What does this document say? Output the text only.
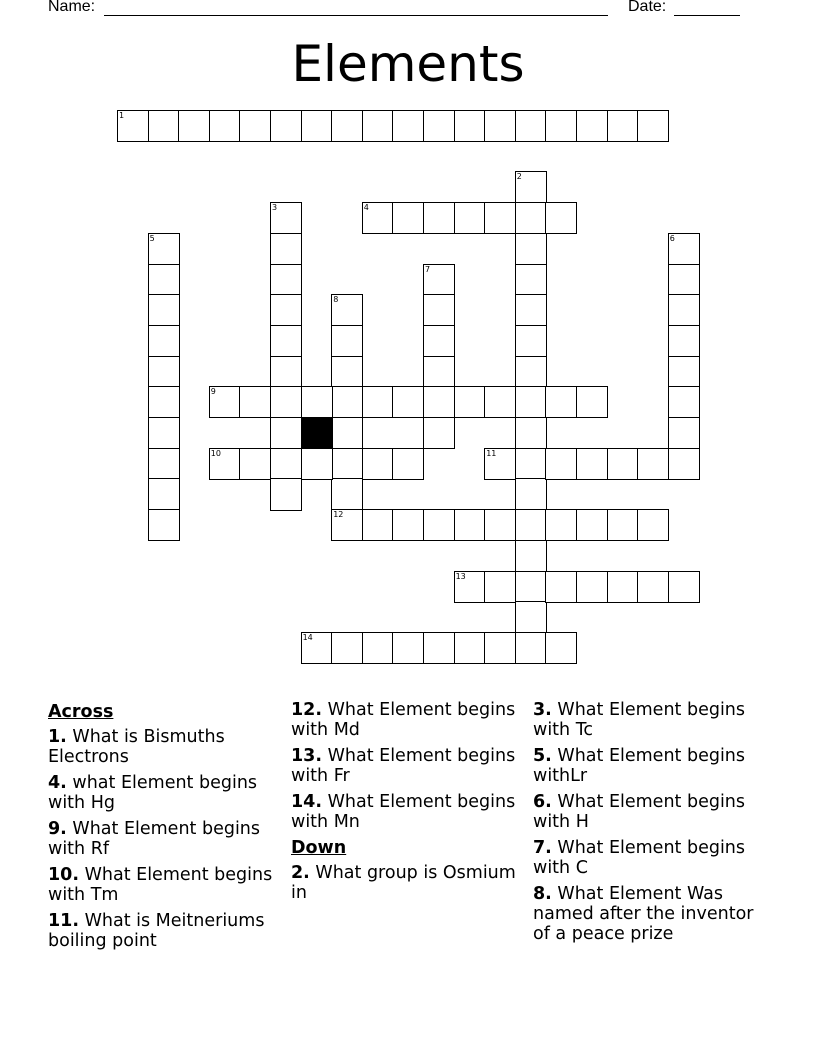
Name:	Date:
Elements
1
2
3	4
5	6
7
8
12
9
10	11
13
14
Across
1. What is Bismuths Electrons
4. what Element begins with Hg
9. What Element begins with Rf
10. What Element begins with Tm
11. What is Meitneriums boiling point
12. What Element begins with Md
13. What Element begins with Fr
14. What Element begins with Mn
Down
2. What group is Osmium in
3. What Element begins with Tc
5. What Element begins withLr
6. What Element begins with H
7. What Element begins with C
8. What Element Was named after the inventor of a peace prize
